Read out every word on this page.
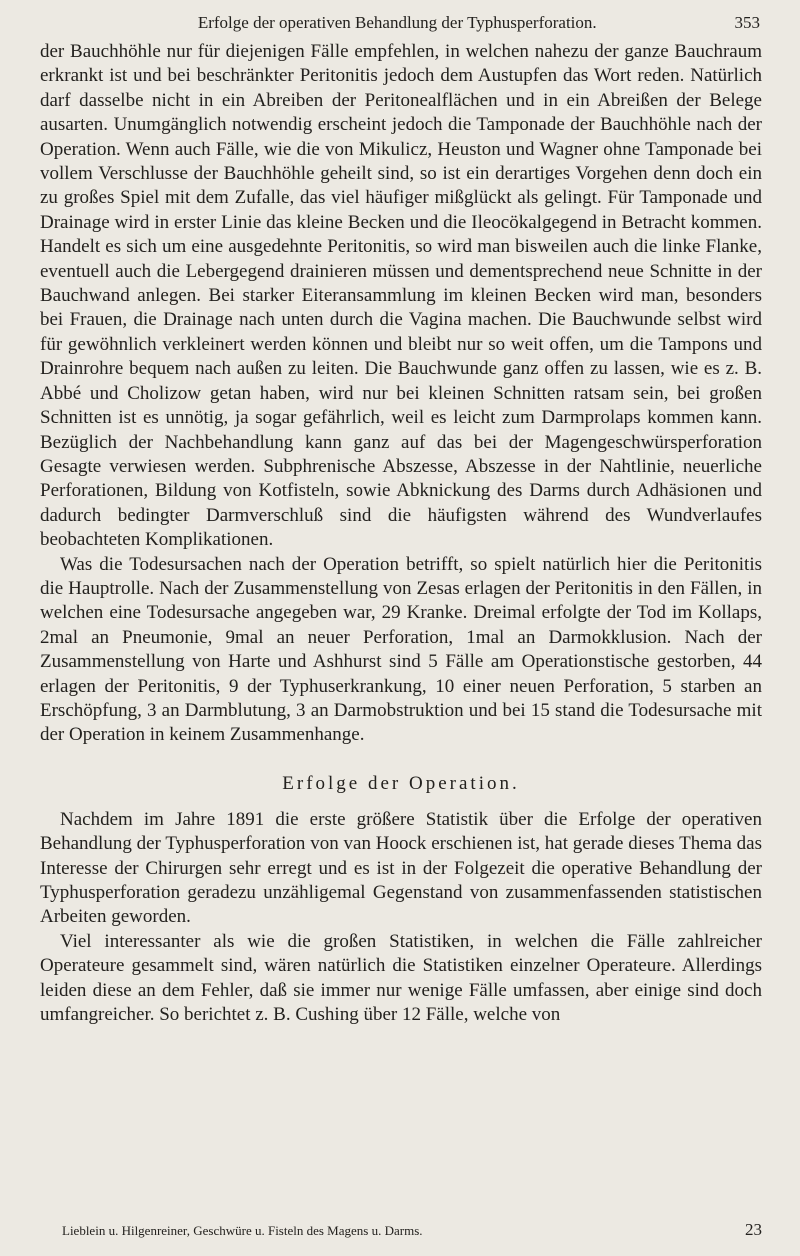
Erfolge der operativen Behandlung der Typhusperforation.	353

der Bauchhöhle nur für diejenigen Fälle empfehlen, in welchen nahezu der ganze Bauchraum erkrankt ist und bei beschränkter Peritonitis jedoch dem Austupfen das Wort reden. Natürlich darf dasselbe nicht in ein Abreiben der Peritonealflächen und in ein Abreißen der Belege ausarten. Unumgänglich notwendig erscheint jedoch die Tamponade der Bauchhöhle nach der Operation. Wenn auch Fälle, wie die von Mikulicz, Heuston und Wagner ohne Tamponade bei vollem Verschlusse der Bauchhöhle geheilt sind, so ist ein derartiges Vorgehen denn doch ein zu großes Spiel mit dem Zufalle, das viel häufiger mißglückt als gelingt. Für Tamponade und Drainage wird in erster Linie das kleine Becken und die Ileocökalgegend in Betracht kommen. Handelt es sich um eine ausgedehnte Peritonitis, so wird man bisweilen auch die linke Flanke, eventuell auch die Lebergegend drainieren müssen und dementsprechend neue Schnitte in der Bauchwand anlegen. Bei starker Eiteransammlung im kleinen Becken wird man, besonders bei Frauen, die Drainage nach unten durch die Vagina machen. Die Bauchwunde selbst wird für gewöhnlich verkleinert werden können und bleibt nur so weit offen, um die Tampons und Drainrohre bequem nach außen zu leiten. Die Bauchwunde ganz offen zu lassen, wie es z. B. Abbé und Cholizow getan haben, wird nur bei kleinen Schnitten ratsam sein, bei großen Schnitten ist es unnötig, ja sogar gefährlich, weil es leicht zum Darmprolaps kommen kann. Bezüglich der Nachbehandlung kann ganz auf das bei der Magengeschwürsperforation Gesagte verwiesen werden. Subphrenische Abszesse, Abszesse in der Nahtlinie, neuerliche Perforationen, Bildung von Kotfisteln, sowie Abknickung des Darms durch Adhäsionen und dadurch bedingter Darmverschluß sind die häufigsten während des Wundverlaufes beobachteten Komplikationen.

Was die Todesursachen nach der Operation betrifft, so spielt natürlich hier die Peritonitis die Hauptrolle. Nach der Zusammenstellung von Zesas erlagen der Peritonitis in den Fällen, in welchen eine Todesursache angegeben war, 29 Kranke. Dreimal erfolgte der Tod im Kollaps, 2mal an Pneumonie, 9mal an neuer Perforation, 1mal an Darmokklusion. Nach der Zusammenstellung von Harte und Ashhurst sind 5 Fälle am Operationstische gestorben, 44 erlagen der Peritonitis, 9 der Typhuserkrankung, 10 einer neuen Perforation, 5 starben an Erschöpfung, 3 an Darmblutung, 3 an Darmobstruktion und bei 15 stand die Todesursache mit der Operation in keinem Zusammenhange.

Erfolge der Operation.

Nachdem im Jahre 1891 die erste größere Statistik über die Erfolge der operativen Behandlung der Typhusperforation von van Hoock erschienen ist, hat gerade dieses Thema das Interesse der Chirurgen sehr erregt und es ist in der Folgezeit die operative Behandlung der Typhusperforation geradezu unzähligemal Gegenstand von zusammenfassenden statistischen Arbeiten geworden.

Viel interessanter als wie die großen Statistiken, in welchen die Fälle zahlreicher Operateure gesammelt sind, wären natürlich die Statistiken einzelner Operateure. Allerdings leiden diese an dem Fehler, daß sie immer nur wenige Fälle umfassen, aber einige sind doch umfangreicher. So berichtet z. B. Cushing über 12 Fälle, welche von

Lieblein u. Hilgenreiner, Geschwüre u. Fisteln des Magens u. Darms.	23
